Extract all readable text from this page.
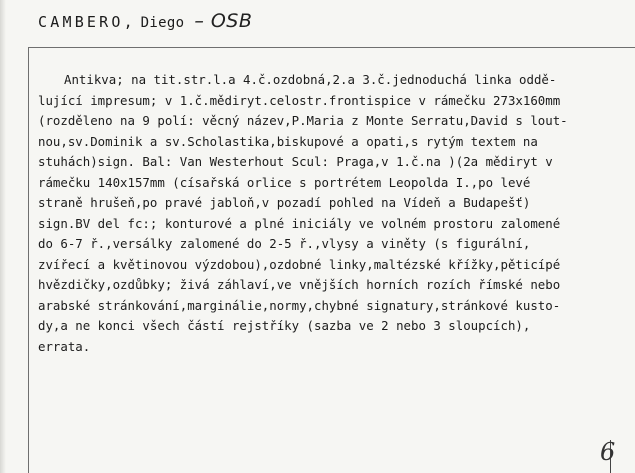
CAMBERO , Diego – OSB
Antikva; na tit.str.l.a 4.č.ozdobná,2.a 3.č.jednoduchá linka oddě-
lující impresum; v 1.č.mědiryt.celostr.frontispice v rámečku 273x160mm
(rozděleno na 9 polí: věcný název,P.Maria z Monte Serratu,David s lout-
nou,sv.Dominik a sv.Scholastika,biskupové a opati,s rytým textem na
stuhách)sign. Bal: Van Westerhout Scul: Praga,v 1.č.na )(2a mědiryt v
rámečku 140x157mm (císařská orlice s portrétem Leopolda I.,po levé
straně hrušeň,po pravé jabloň,v pozadí pohled na Vídeň a Budapešť)
sign.BV del fc:; konturové a plné iniciály ve volném prostoru zalomené
do 6-7 ř.,versálky zalomené do 2-5 ř.,vlysy a viněty (s figurální,
zvířecí a květinovou výzdobou),ozdobné linky,maltézské křížky,pěticípé
hvězdičky,ozdůbky; živá záhlaví,ve vnějších horních rozích římské nebo
arabské stránkování,marginálie,normy,chybné signatury,stránkové kusto-
dy,a ne konci všech částí rejstříky (sazba ve 2 nebo 3 sloupcích),
errata.
6
